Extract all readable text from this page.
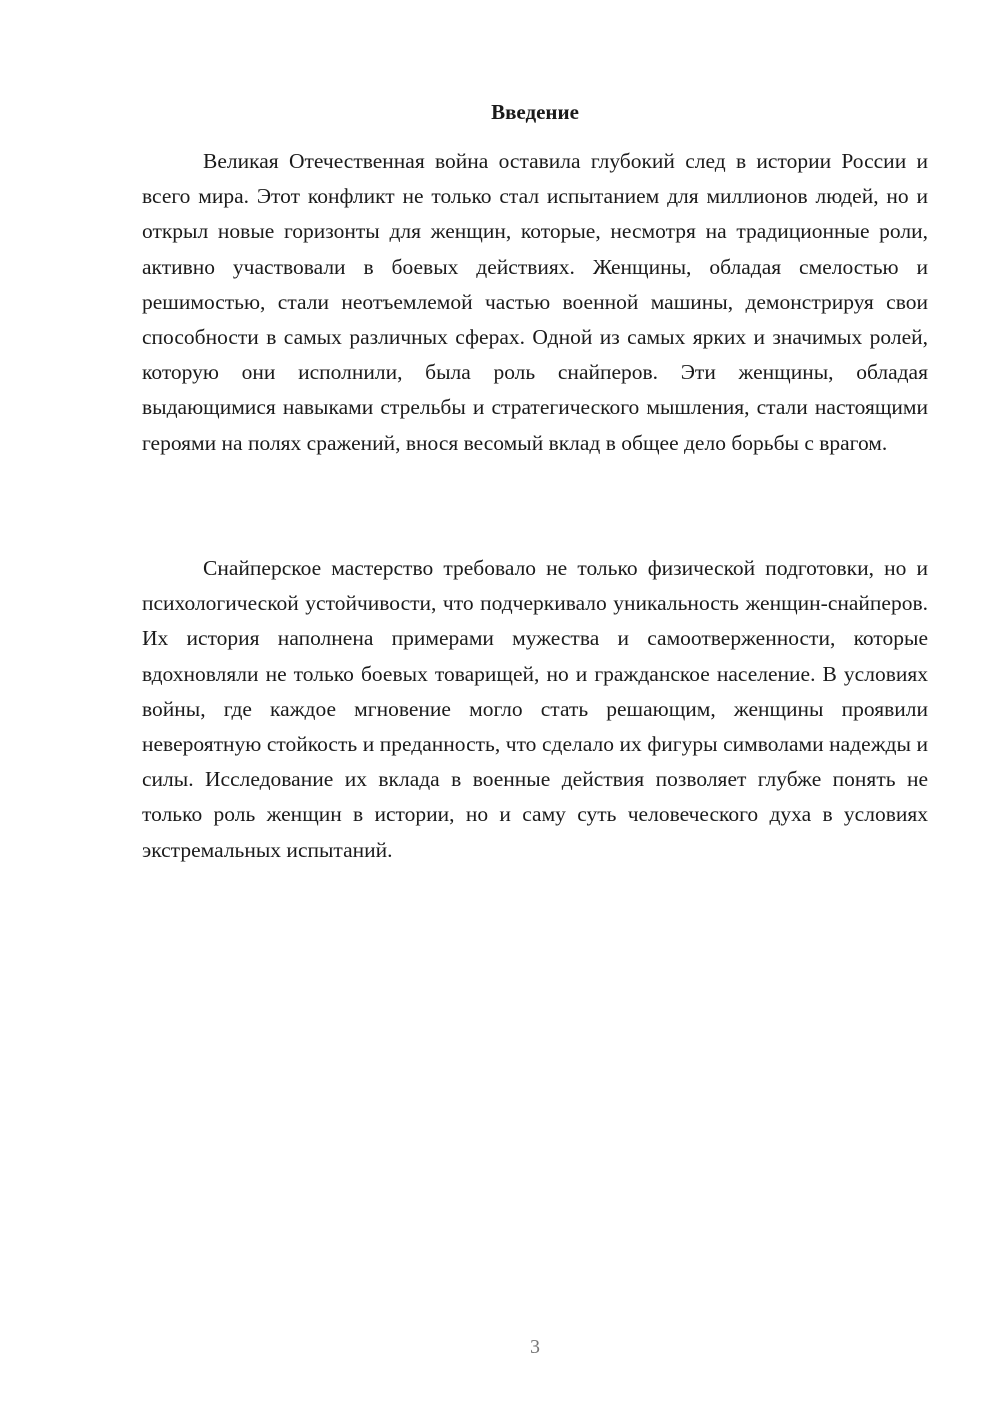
Введение

Великая Отечественная война оставила глубокий след в истории России и всего мира. Этот конфликт не только стал испытанием для миллионов людей, но и открыл новые горизонты для женщин, которые, несмотря на традиционные роли, активно участвовали в боевых действиях. Женщины, обладая смелостью и решимостью, стали неотъемлемой частью военной машины, демонстрируя свои способности в самых различных сферах. Одной из самых ярких и значимых ролей, которую они исполнили, была роль снайперов. Эти женщины, обладая выдающимися навыками стрельбы и стратегического мышления, стали настоящими героями на полях сражений, внося весомый вклад в общее дело борьбы с врагом.

Снайперское мастерство требовало не только физической подготовки, но и психологической устойчивости, что подчеркивало уникальность женщин-снайперов. Их история наполнена примерами мужества и самоотверженности, которые вдохновляли не только боевых товарищей, но и гражданское население. В условиях войны, где каждое мгновение могло стать решающим, женщины проявили невероятную стойкость и преданность, что сделало их фигуры символами надежды и силы. Исследование их вклада в военные действия позволяет глубже понять не только роль женщин в истории, но и саму суть человеческого духа в условиях экстремальных испытаний.

3
